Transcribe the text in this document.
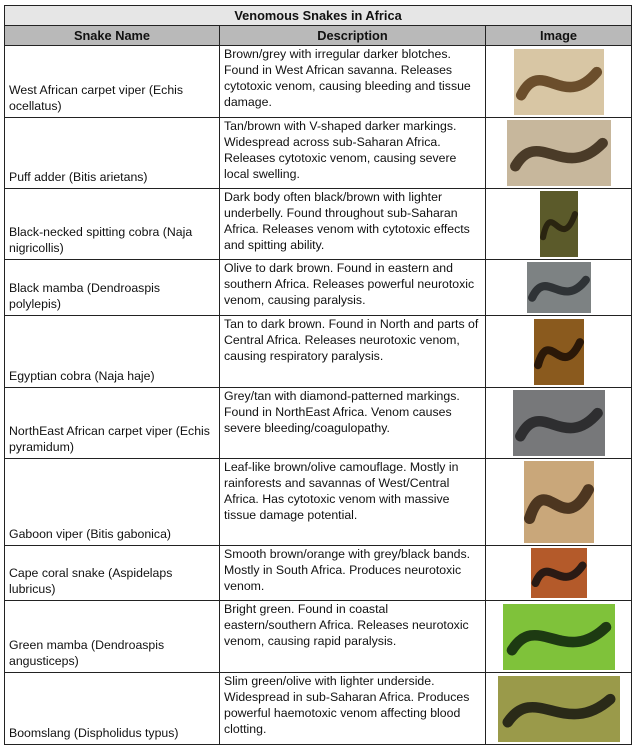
Venomous Snakes in Africa		
Snake Name	Description	Image
West African carpet viper (Echis ocellatus)	Brown/grey with irregular darker blotches. Found in West African savanna. Releases cytotoxic venom, causing bleeding and tissue damage.	

Puff adder (Bitis arietans)	Tan/brown with V-shaped darker markings. Widespread across sub-Saharan Africa. Releases cytotoxic venom, causing severe local swelling.	

Black-necked spitting cobra (Naja nigricollis)	Dark body often black/brown with lighter underbelly. Found throughout sub-Saharan Africa. Releases venom with cytotoxic effects and spitting ability.	

Black mamba (Dendroaspis polylepis)	Olive to dark brown. Found in eastern and southern Africa. Releases powerful neurotoxic venom, causing paralysis.	

Egyptian cobra (Naja haje)	Tan to dark brown. Found in North and parts of Central Africa. Releases neurotoxic venom, causing respiratory paralysis.	

NorthEast African carpet viper (Echis pyramidum)	Grey/tan with diamond-patterned markings. Found in NorthEast Africa. Venom causes severe bleeding/coagulopathy.	

Gaboon viper (Bitis gabonica)	Leaf-like brown/olive camouflage. Mostly in rainforests and savannas of West/Central Africa. Has cytotoxic venom with massive tissue damage potential.	

Cape coral snake (Aspidelaps lubricus)	Smooth brown/orange with grey/black bands. Mostly in South Africa. Produces neurotoxic venom.	

Green mamba (Dendroaspis angusticeps)	Bright green. Found in coastal eastern/southern Africa. Releases neurotoxic venom, causing rapid paralysis.	

Boomslang (Dispholidus typus)	Slim green/olive with lighter underside. Widespread in sub-Saharan Africa. Produces powerful haemotoxic venom affecting blood clotting.	
